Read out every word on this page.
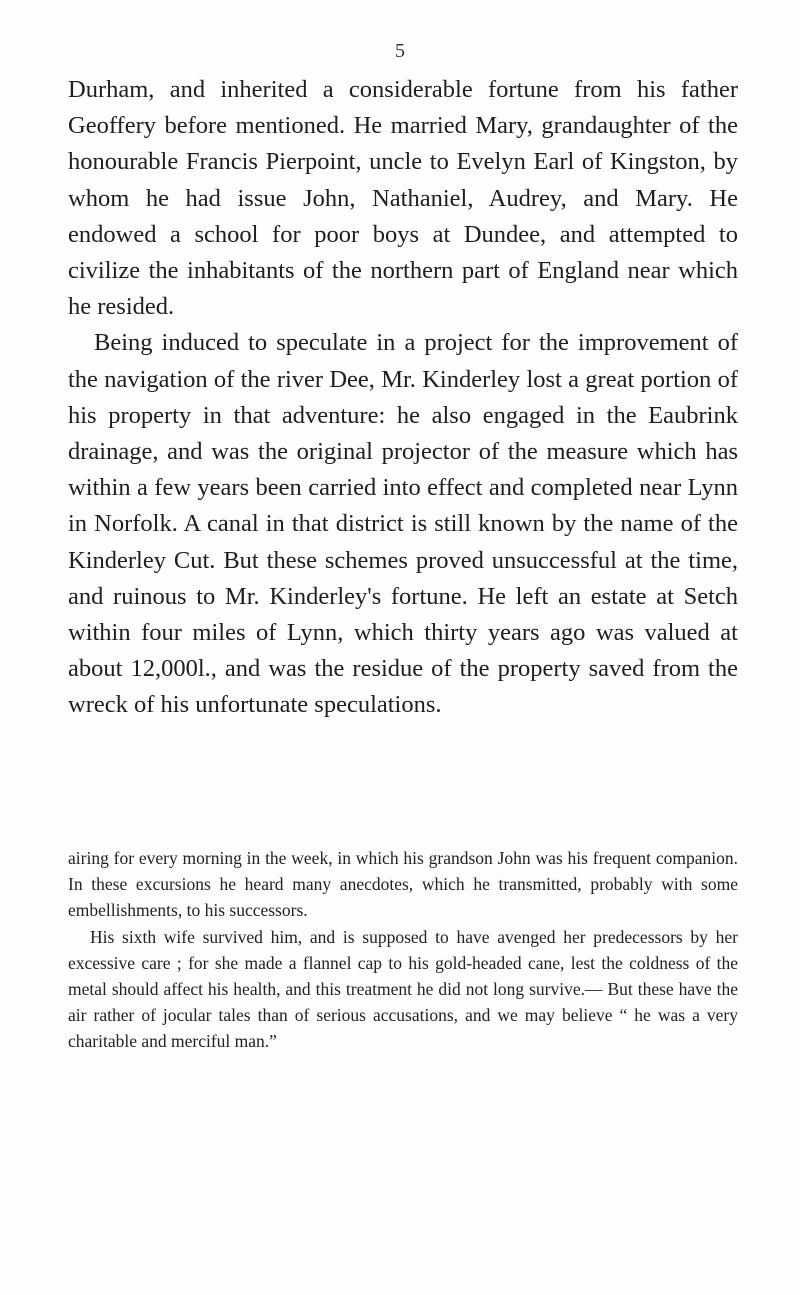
5

Durham, and inherited a considerable fortune from his father Geoffery before mentioned. He married Mary, grandaughter of the honourable Francis Pierpoint, uncle to Evelyn Earl of Kingston, by whom he had issue John, Nathaniel, Audrey, and Mary. He endowed a school for poor boys at Dundee, and attempted to civilize the inhabitants of the northern part of England near which he resided.

Being induced to speculate in a project for the improvement of the navigation of the river Dee, Mr. Kinderley lost a great portion of his property in that adventure: he also engaged in the Eaubrink drainage, and was the original projector of the measure which has within a few years been carried into effect and completed near Lynn in Norfolk. A canal in that district is still known by the name of the Kinderley Cut. But these schemes proved unsuccessful at the time, and ruinous to Mr. Kinderley's fortune. He left an estate at Setch within four miles of Lynn, which thirty years ago was valued at about 12,000l., and was the residue of the property saved from the wreck of his unfortunate speculations.

airing for every morning in the week, in which his grandson John was his frequent companion. In these excursions he heard many anecdotes, which he transmitted, probably with some embellishments, to his successors.

His sixth wife survived him, and is supposed to have avenged her predecessors by her excessive care ; for she made a flannel cap to his gold-headed cane, lest the coldness of the metal should affect his health, and this treatment he did not long survive.— But these have the air rather of jocular tales than of serious accusations, and we may believe “ he was a very charitable and merciful man.”
